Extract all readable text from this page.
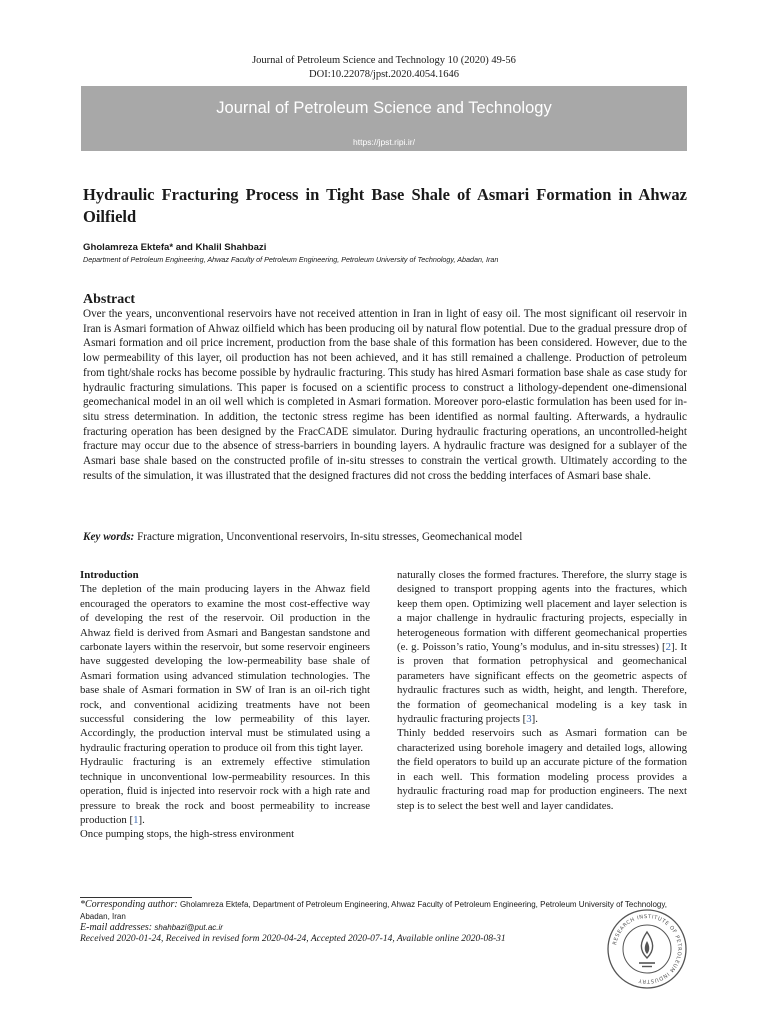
Journal of Petroleum Science and Technology 10 (2020) 49-56
DOI:10.22078/jpst.2020.4054.1646
Journal of Petroleum Science and Technology
https://jpst.ripi.ir/
Hydraulic Fracturing Process in Tight Base Shale of Asmari Formation in Ahwaz Oilfield
Gholamreza Ektefa* and Khalil Shahbazi
Department of Petroleum Engineering, Ahwaz Faculty of Petroleum Engineering, Petroleum University of Technology, Abadan, Iran
Abstract

Over the years, unconventional reservoirs have not received attention in Iran in light of easy oil. The most significant oil reservoir in Iran is Asmari formation of Ahwaz oilfield which has been producing oil by natural flow potential. Due to the gradual pressure drop of Asmari formation and oil price increment, production from the base shale of this formation has been considered. However, due to the low permeability of this layer, oil production has not been achieved, and it has still remained a challenge. Production of petroleum from tight/shale rocks has become possible by hydraulic fracturing. This study has hired Asmari formation base shale as case study for hydraulic fracturing simulations. This paper is focused on a scientific process to construct a lithology-dependent one-dimensional geomechanical model in an oil well which is completed in Asmari formation. Moreover poro-elastic formulation has been used for in-situ stress determination. In addition, the tectonic stress regime has been identified as normal faulting. Afterwards, a hydraulic fracturing operation has been designed by the FracCADE simulator. During hydraulic fracturing operations, an uncontrolled-height fracture may occur due to the absence of stress-barriers in bounding layers. A hydraulic fracture was designed for a sublayer of the Asmari base shale based on the constructed profile of in-situ stresses to constrain the vertical growth. Ultimately according to the results of the simulation, it was illustrated that the designed fractures did not cross the bedding interfaces of Asmari base shale.

Key words: Fracture migration, Unconventional reservoirs, In-situ stresses, Geomechanical model

Introduction

The depletion of the main producing layers in the Ahwaz field encouraged the operators to examine the most cost-effective way of developing the rest of the reservoir. Oil production in the Ahwaz field is derived from Asmari and Bangestan sandstone and carbonate layers within the reservoir, but some reservoir engineers have suggested developing the low-permeability base shale of Asmari formation using advanced stimulation technologies. The base shale of Asmari formation in SW of Iran is an oil-rich tight rock, and conventional acidizing treatments have not been successful considering the low permeability of this layer. Accordingly, the production interval must be stimulated using a hydraulic fracturing operation to produce oil from this tight layer.

Hydraulic fracturing is an extremely effective stimulation technique in unconventional low-permeability resources. In this operation, fluid is injected into reservoir rock with a high rate and pressure to break the rock and boost permeability to increase production [1].

Once pumping stops, the high-stress environment

naturally closes the formed fractures. Therefore, the slurry stage is designed to transport propping agents into the fractures, which keep them open. Optimizing well placement and layer selection is a major challenge in hydraulic fracturing projects, especially in heterogeneous formation with different geomechanical properties (e. g. Poisson’s ratio, Young’s modulus, and in-situ stresses) [2]. It is proven that formation petrophysical and geomechanical parameters have significant effects on the geometric aspects of hydraulic fractures such as width, height, and length. Therefore, the formation of geomechanical modeling is a key task in hydraulic fracturing projects [3].

Thinly bedded reservoirs such as Asmari formation can be characterized using borehole imagery and detailed logs, allowing the field operators to build up an accurate picture of the formation in each well. This formation modeling process provides a hydraulic fracturing road map for production engineers. The next step is to select the best well and layer candidates.

*Corresponding author: Gholamreza Ektefa, Department of Petroleum Engineering, Ahwaz Faculty of Petroleum Engineering, Petroleum University of Technology, Abadan, Iran
E-mail addresses: shahbazi@put.ac.ir
Received 2020-01-24, Received in revised form 2020-04-24, Accepted 2020-07-14, Available online 2020-08-31	RESEARCH INSTITUTE OF PETROLEUM INDUSTRY
